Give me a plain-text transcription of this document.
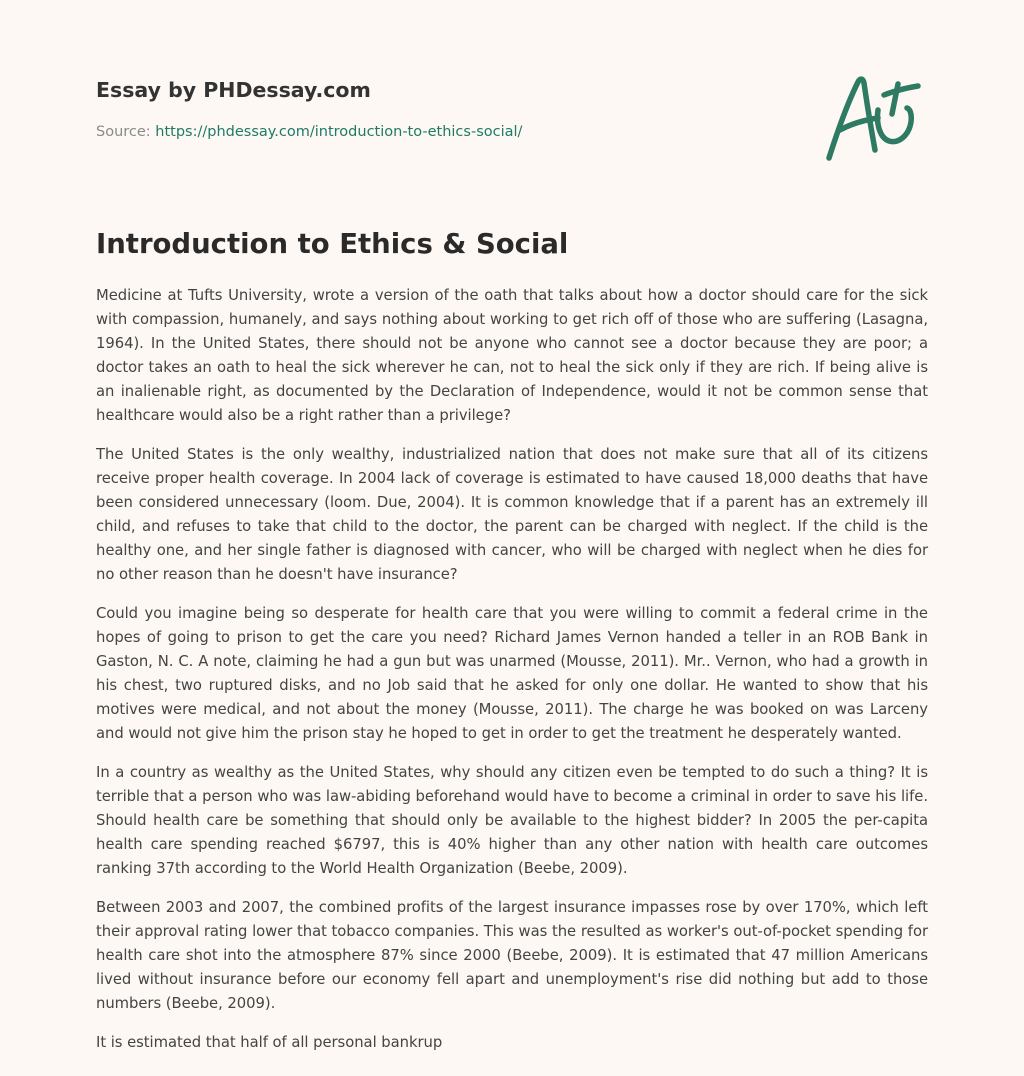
Essay by PHDessay.com
Source: https://phdessay.com/introduction-to-ethics-social/
Introduction to Ethics & Social

Medicine at Tufts University, wrote a version of the oath that talks about how a doctor should care for the sick with compassion, humanely, and says nothing about working to get rich off of those who are suffering (Lasagna, 1964). In the United States, there should not be anyone who cannot see a doctor because they are poor; a doctor takes an oath to heal the sick wherever he can, not to heal the sick only if they are rich. If being alive is an inalienable right, as documented by the Declaration of Independence, would it not be common sense that healthcare would also be a right rather than a privilege?

The United States is the only wealthy, industrialized nation that does not make sure that all of its citizens receive proper health coverage. In 2004 lack of coverage is estimated to have caused 18,000 deaths that have been considered unnecessary (loom. Due, 2004). It is common knowledge that if a parent has an extremely ill child, and refuses to take that child to the doctor, the parent can be charged with neglect. If the child is the healthy one, and her single father is diagnosed with cancer, who will be charged with neglect when he dies for no other reason than he doesn't have insurance?

Could you imagine being so desperate for health care that you were willing to commit a federal crime in the hopes of going to prison to get the care you need? Richard James Vernon handed a teller in an ROB Bank in Gaston, N. C. A note, claiming he had a gun but was unarmed (Mousse, 2011). Mr.. Vernon, who had a growth in his chest, two ruptured disks, and no Job said that he asked for only one dollar. He wanted to show that his motives were medical, and not about the money (Mousse, 2011). The charge he was booked on was Larceny and would not give him the prison stay he hoped to get in order to get the treatment he desperately wanted.

In a country as wealthy as the United States, why should any citizen even be tempted to do such a thing? It is terrible that a person who was law-abiding beforehand would have to become a criminal in order to save his life. Should health care be something that should only be available to the highest bidder? In 2005 the per-capita health care spending reached $6797, this is 40% higher than any other nation with health care outcomes ranking 37th according to the World Health Organization (Beebe, 2009).

Between 2003 and 2007, the combined profits of the largest insurance impasses rose by over 170%, which left their approval rating lower that tobacco companies. This was the resulted as worker's out-of-pocket spending for health care shot into the atmosphere 87% since 2000 (Beebe, 2009). It is estimated that 47 million Americans lived without insurance before our economy fell apart and unemployment's rise did nothing but add to those numbers (Beebe, 2009).

It is estimated that half of all personal bankrup
